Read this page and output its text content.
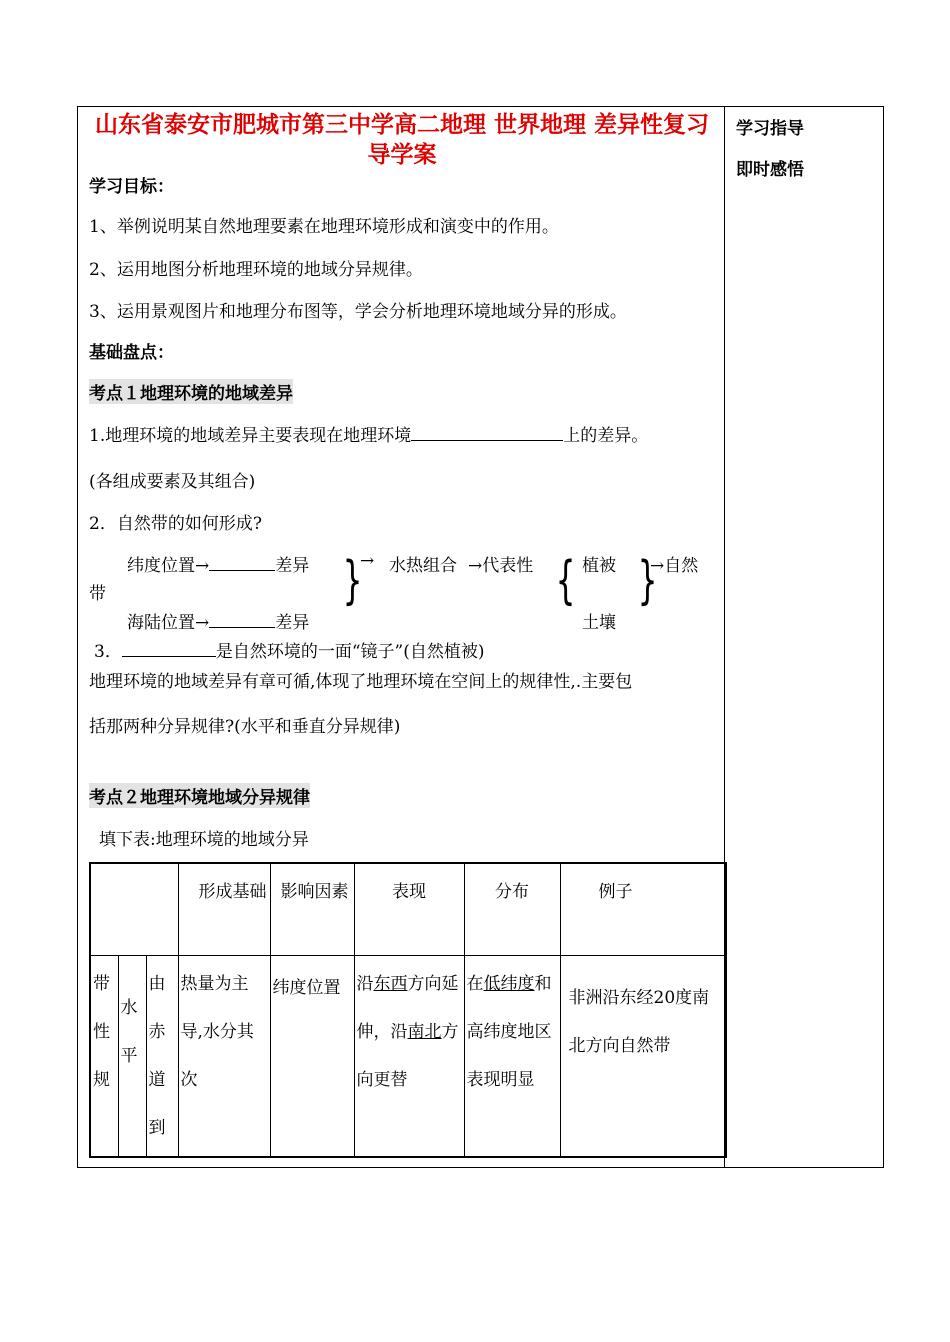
山东省泰安市肥城市第三中学高二地理 世界地理 差异性复习导学案
学习指导
即时感悟
学习目标：
1、举例说明某自然地理要素在地理环境形成和演变中的作用。
2、运用地图分析地理环境的地域分异规律。
3、运用景观图片和地理分布图等，学会分析地理环境地域分异的形成。
基础盘点：
考点１地理环境的地域差异
1.地理环境的地域差异主要表现在地理环境	上的差异。
(各组成要素及其组合)
2．自然带的如何形成?
纬度位置→	差异
海陆位置→	差异
}
→ 水热组合 →代表性 { 植被
土壤
}
→自然
带
3．	是自然环境的一面“镜子”(自然植被)
地理环境的地域差异有章可循,体现了地理环境在空间上的规律性,.主要包
括那两种分异规律?(水平和垂直分异规律)
考点２地理环境地域分异规律
填下表:地理环境的地域分异
			形成基础	影响因素	表现	分布	例子
带性规	水平	由赤道到	热量为主导,水分其次	纬度位置	沿东西方向延伸，沿南北方向更替	在低纬度和高纬度地区表现明显	非洲沿东经20度南北方向自然带
